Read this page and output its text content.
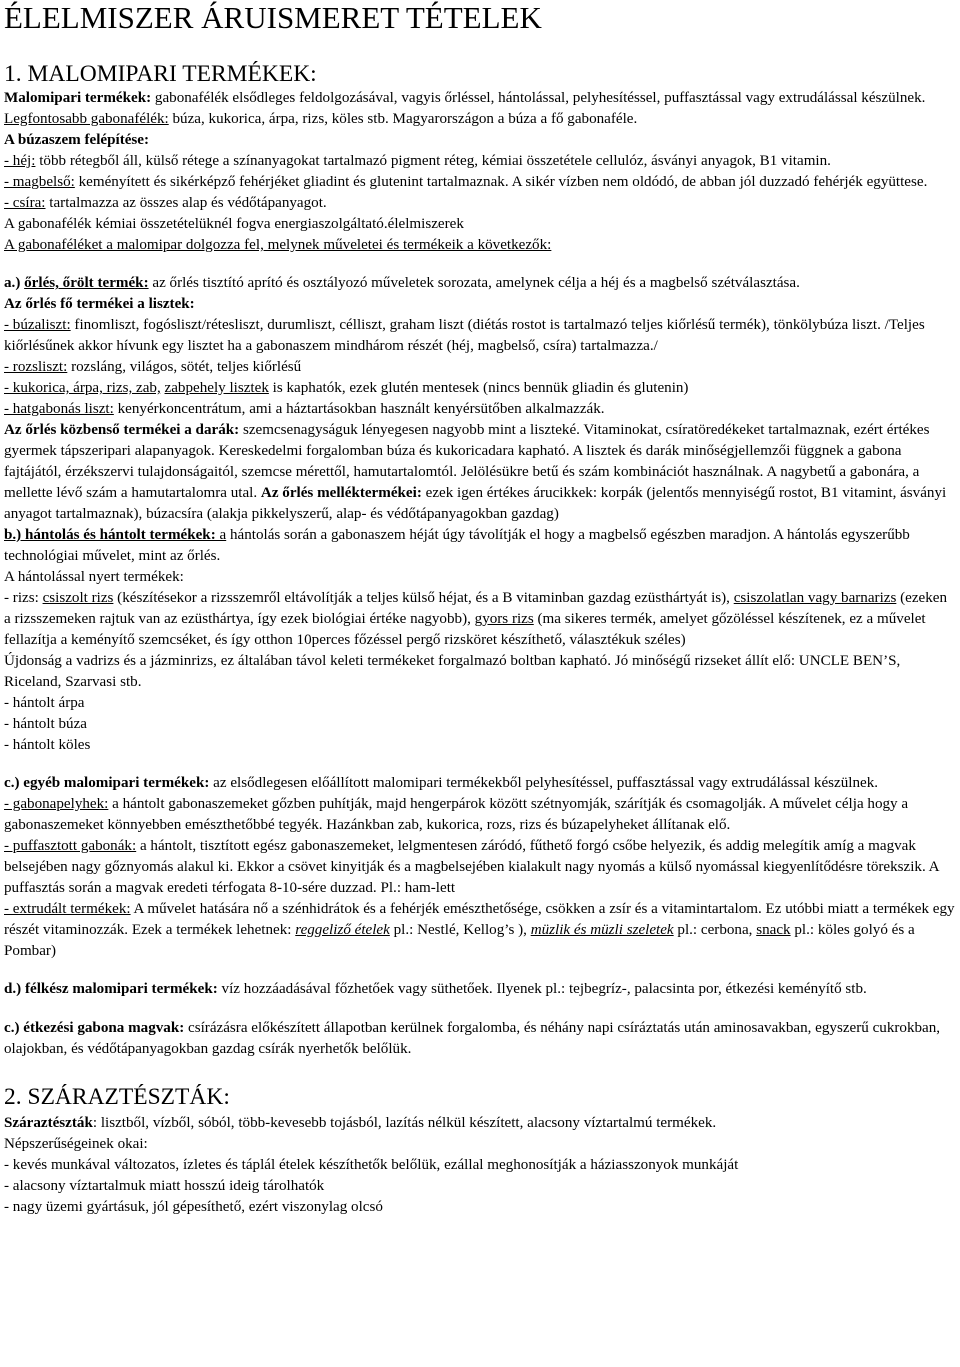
ÉLELMISZER ÁRUISMERET TÉTELEK
1. MALOMIPARI TERMÉKEK:

Malomipari termékek: gabonafélék elsődleges feldolgozásával, vagyis őrléssel, hántolással, pelyhesítéssel, puffasztással vagy extrudálással készülnek. Legfontosabb gabonafélék: búza, kukorica, árpa, rizs, köles stb. Magyarországon a búza a fő gabonaféle.

A búzaszem felépítése:

- héj: több rétegből áll, külső rétege a színanyagokat tartalmazó pigment réteg, kémiai összetétele cellulóz, ásványi anyagok, B1 vitamin.

- magbelső: keményített és sikérképző fehérjéket gliadint és glutenint tartalmaznak. A sikér vízben nem oldódó, de abban jól duzzadó fehérjék együttese.

- csíra: tartalmazza az összes alap és védőtápanyagot.

A gabonafélék kémiai összetételüknél fogva energiaszolgáltató.élelmiszerek

A gabonaféléket a malomipar dolgozza fel, melynek műveletei és termékeik a következők:

a.) őrlés, őrölt termék: az őrlés tisztító aprító és osztályozó műveletek sorozata, amelynek célja a héj és a magbelső szétválasztása.

Az őrlés fő termékei a lisztek:

- búzaliszt: finomliszt, fogósliszt/rétesliszt, durumliszt, célliszt, graham liszt (diétás rostot is tartalmazó teljes kiőrlésű termék), tönkölybúza liszt. /Teljes kiőrlésűnek akkor hívunk egy lisztet ha a gabonaszem mindhárom részét (héj, magbelső, csíra) tartalmazza./

- rozsliszt: rozsláng, világos, sötét, teljes kiőrlésű

- kukorica, árpa, rizs, zab, zabpehely lisztek is kaphatók, ezek glutén mentesek (nincs bennük gliadin és glutenin)

- hatgabonás liszt: kenyérkoncentrátum, ami a háztartásokban használt kenyérsütőben alkalmazzák.

Az őrlés közbenső termékei a darák: szemcsenagyságuk lényegesen nagyobb mint a liszteké. Vitaminokat, csíratöredékeket tartalmaznak, ezért értékes gyermek tápszeripari alapanyagok. Kereskedelmi forgalomban búza és kukoricadara kapható. A lisztek és darák minőségjellemzői függnek a gabona fajtájától, érzékszervi tulajdonságaitól, szemcse mérettől, hamutartalomtól. Jelölésükre betű és szám kombinációt használnak. A nagybetű a gabonára, a mellette lévő szám a hamutartalomra utal. Az őrlés melléktermékei: ezek igen értékes árucikkek: korpák (jelentős mennyiségű rostot, B1 vitamint, ásványi anyagot tartalmaznak), búzacsíra (alakja pikkelyszerű, alap- és védőtápanyagokban gazdag)

b.) hántolás és hántolt termékek: a hántolás során a gabonaszem héját úgy távolítják el hogy a magbelső egészben maradjon. A hántolás egyszerűbb technológiai művelet, mint az őrlés.

A hántolással nyert termékek:

- rizs: csiszolt rizs (készítésekor a rizsszemről eltávolítják a teljes külső héjat, és a B vitaminban gazdag ezüsthártyát is), csiszolatlan vagy barnarizs (ezeken a rizsszemeken rajtuk van az ezüsthártya, így ezek biológiai értéke nagyobb), gyors rizs (ma sikeres termék, amelyet gőzöléssel készítenek, ez a művelet fellazítja a keményítő szemcséket, és így otthon 10perces főzéssel pergő rizsköret készíthető, választékuk széles)

Újdonság a vadrizs és a jázminrizs, ez általában távol keleti termékeket forgalmazó boltban kapható. Jó minőségű rizseket állít elő: UNCLE BEN’S, Riceland, Szarvasi stb.

- hántolt árpa

- hántolt búza

- hántolt köles

c.) egyéb malomipari termékek: az elsődlegesen előállított malomipari termékekből pelyhesítéssel, puffasztással vagy extrudálással készülnek.

- gabonapelyhek: a hántolt gabonaszemeket gőzben puhítják, majd hengerpárok között szétnyomják, szárítják és csomagolják. A művelet célja hogy a gabonaszemeket könnyebben emészthetőbbé tegyék. Hazánkban zab, kukorica, rozs, rizs és búzapelyheket állítanak elő.

- puffasztott gabonák: a hántolt, tisztított egész gabonaszemeket, lelgmentesen záródó, fűthető forgó csőbe helyezik, és addig melegítik amíg a magvak belsejében nagy gőznyomás alakul ki. Ekkor a csövet kinyitják és a magbelsejében kialakult nagy nyomás a külső nyomással kiegyenlítődésre törekszik. A puffasztás során a magvak eredeti térfogata 8-10-sére duzzad. Pl.: ham-lett

- extrudált termékek: A művelet hatására nő a szénhidrátok és a fehérjék emészthetősége, csökken a zsír és a vitamintartalom. Ez utóbbi miatt a termékek egy részét vitaminozzák. Ezek a termékek lehetnek: reggeliző ételek pl.: Nestlé, Kellog’s ), müzlik és müzli szeletek pl.: cerbona, snack pl.: köles golyó és a Pombar)

d.) félkész malomipari termékek: víz hozzáadásával főzhetőek vagy süthetőek. Ilyenek pl.: tejbegríz-, palacsinta por, étkezési keményítő stb.

c.) étkezési gabona magvak: csírázásra előkészített állapotban kerülnek forgalomba, és néhány napi csíráztatás után aminosavakban, egyszerű cukrokban, olajokban, és védőtápanyagokban gazdag csírák nyerhetők belőlük.

2. SZÁRAZTÉSZTÁK:

Száraztészták: lisztből, vízből, sóból, több-kevesebb tojásból, lazítás nélkül készített, alacsony víztartalmú termékek.

Népszerűségeinek okai:

- kevés munkával változatos, ízletes és táplál ételek készíthetők belőlük, ezállal meghonosítják a háziasszonyok munkáját

- alacsony víztartalmuk miatt hosszú ideig tárolhatók

- nagy üzemi gyártásuk, jól gépesíthető, ezért viszonylag olcsó
